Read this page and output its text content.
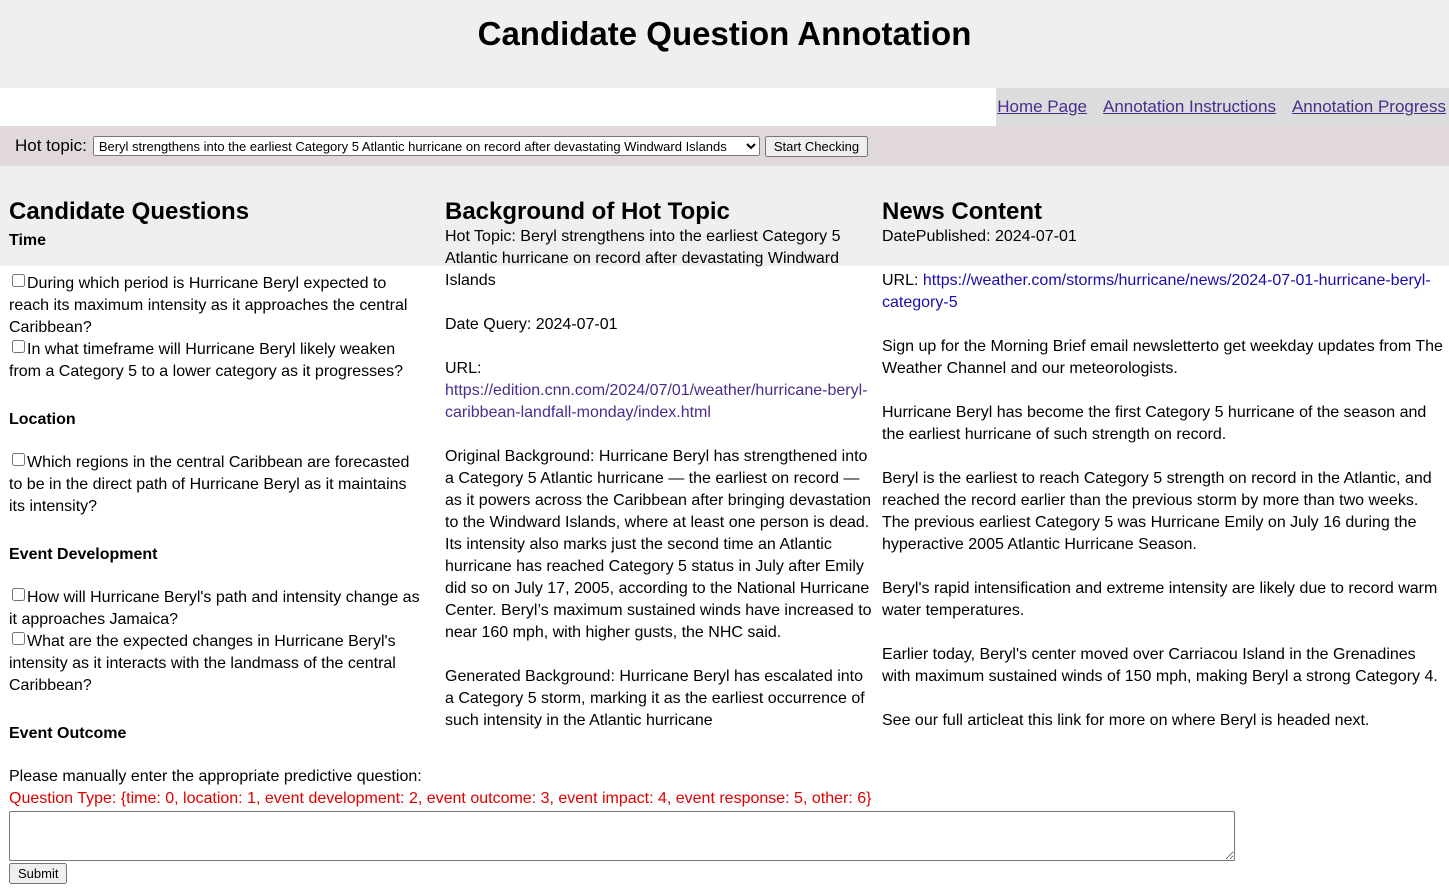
Candidate Question Annotation
Home Page Annotation Instructions Annotation Progress
Hot topic:
Beryl strengthens into the earliest Category 5 Atlantic hurricane on record after devastating Windward Islands	Start Checking
Candidate Questions
Time
During which period is Hurricane Beryl expected to reach its maximum intensity as it approaches the central Caribbean?
In what timeframe will Hurricane Beryl likely weaken from a Category 5 to a lower category as it progresses?
Location
Which regions in the central Caribbean are forecasted to be in the direct path of Hurricane Beryl as it maintains its intensity?
Event Development
How will Hurricane Beryl's path and intensity change as it approaches Jamaica?
What are the expected changes in Hurricane Beryl's intensity as it interacts with the landmass of the central Caribbean?
Event Outcome
Background of Hot Topic

Hot Topic: Beryl strengthens into the earliest Category 5 Atlantic hurricane on record after devastating Windward Islands

Date Query: 2024-07-01

URL:
https://edition.cnn.com/2024/07/01/weather/hurricane-beryl-caribbean-landfall-monday/index.html

Original Background: Hurricane Beryl has strengthened into a Category 5 Atlantic hurricane — the earliest on record — as it powers across the Caribbean after bringing devastation to the Windward Islands, where at least one person is dead. Its intensity also marks just the second time an Atlantic hurricane has reached Category 5 status in July after Emily did so on July 17, 2005, according to the National Hurricane Center. Beryl’s maximum sustained winds have increased to near 160 mph, with higher gusts, the NHC said.

Generated Background: Hurricane Beryl has escalated into a Category 5 storm, marking it as the earliest occurrence of such intensity in the Atlantic hurricane

News Content

DatePublished: 2024-07-01

URL: https://weather.com/storms/hurricane/news/2024-07-01-hurricane-beryl-category-5

Sign up for the Morning Brief email newsletterto get weekday updates from The Weather Channel and our meteorologists.

Hurricane Beryl has become the first Category 5 hurricane of the season and the earliest hurricane of such strength on record.

Beryl is the earliest to reach Category 5 strength on record in the Atlantic, and reached the record earlier than the previous storm by more than two weeks. The previous earliest Category 5 was Hurricane Emily on July 16 during the hyperactive 2005 Atlantic Hurricane Season.

Beryl's rapid intensification and extreme intensity are likely due to record warm water temperatures.

Earlier today, Beryl's center moved over Carriacou Island in the Grenadines with maximum sustained winds of 150 mph, making Beryl a strong Category 4.

See our full articleat this link for more on where Beryl is headed next.

Please manually enter the appropriate predictive question:
Question Type: {time: 0, location: 1, event development: 2, event outcome: 3, event impact: 4, event response: 5, other: 6}
Submit
